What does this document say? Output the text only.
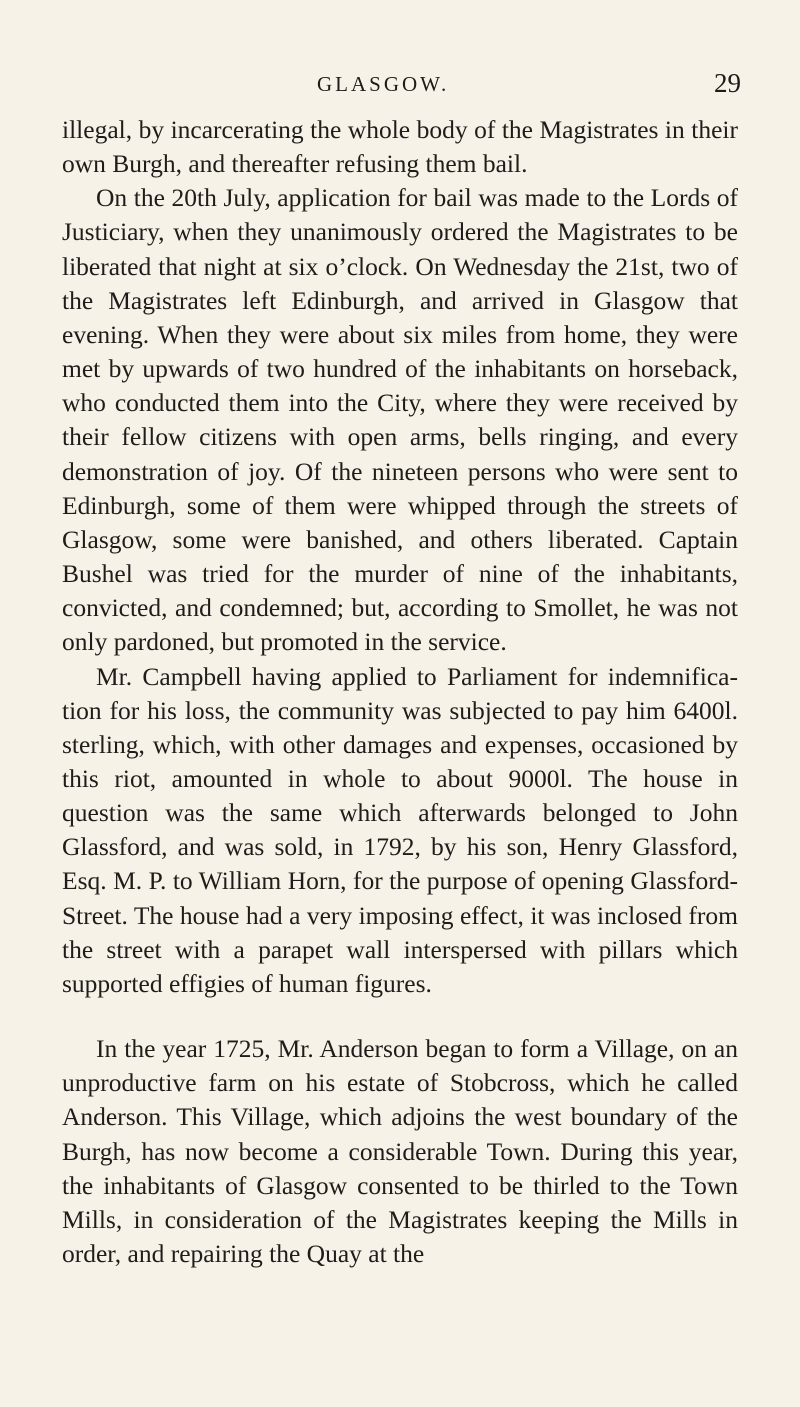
GLASGOW.	29

illegal, by incarcerating the whole body of the Magistrates in their own Burgh, and thereafter refusing them bail.

On the 20th July, application for bail was made to the Lords of Justiciary, when they unanimously ordered the Magistrates to be liberated that night at six o’clock. On Wednesday the 21st, two of the Magistrates left Edinburgh, and arrived in Glasgow that evening. When they were about six miles from home, they were met by upwards of two hundred of the inhabitants on horseback, who conducted them into the City, where they were received by their fellow citizens with open arms, bells ringing, and every demonstration of joy. Of the nineteen persons who were sent to Edinburgh, some of them were whipped through the streets of Glasgow, some were banished, and others liberated. Captain Bushel was tried for the murder of nine of the inhabitants, convicted, and condemned; but, according to Smollet, he was not only pardoned, but promoted in the service.

Mr. Campbell having applied to Parliament for indemnification for his loss, the community was subjected to pay him 6400l. sterling, which, with other damages and expenses, occasioned by this riot, amounted in whole to about 9000l. The house in question was the same which afterwards belonged to John Glassford, and was sold, in 1792, by his son, Henry Glassford, Esq. M. P. to William Horn, for the purpose of opening Glassford-Street. The house had a very imposing effect, it was inclosed from the street with a parapet wall interspersed with pillars which supported effigies of human figures.

In the year 1725, Mr. Anderson began to form a Village, on an unproductive farm on his estate of Stobcross, which he called Anderson. This Village, which adjoins the west boundary of the Burgh, has now become a considerable Town. During this year, the inhabitants of Glasgow consented to be thirled to the Town Mills, in consideration of the Magistrates keeping the Mills in order, and repairing the Quay at the
